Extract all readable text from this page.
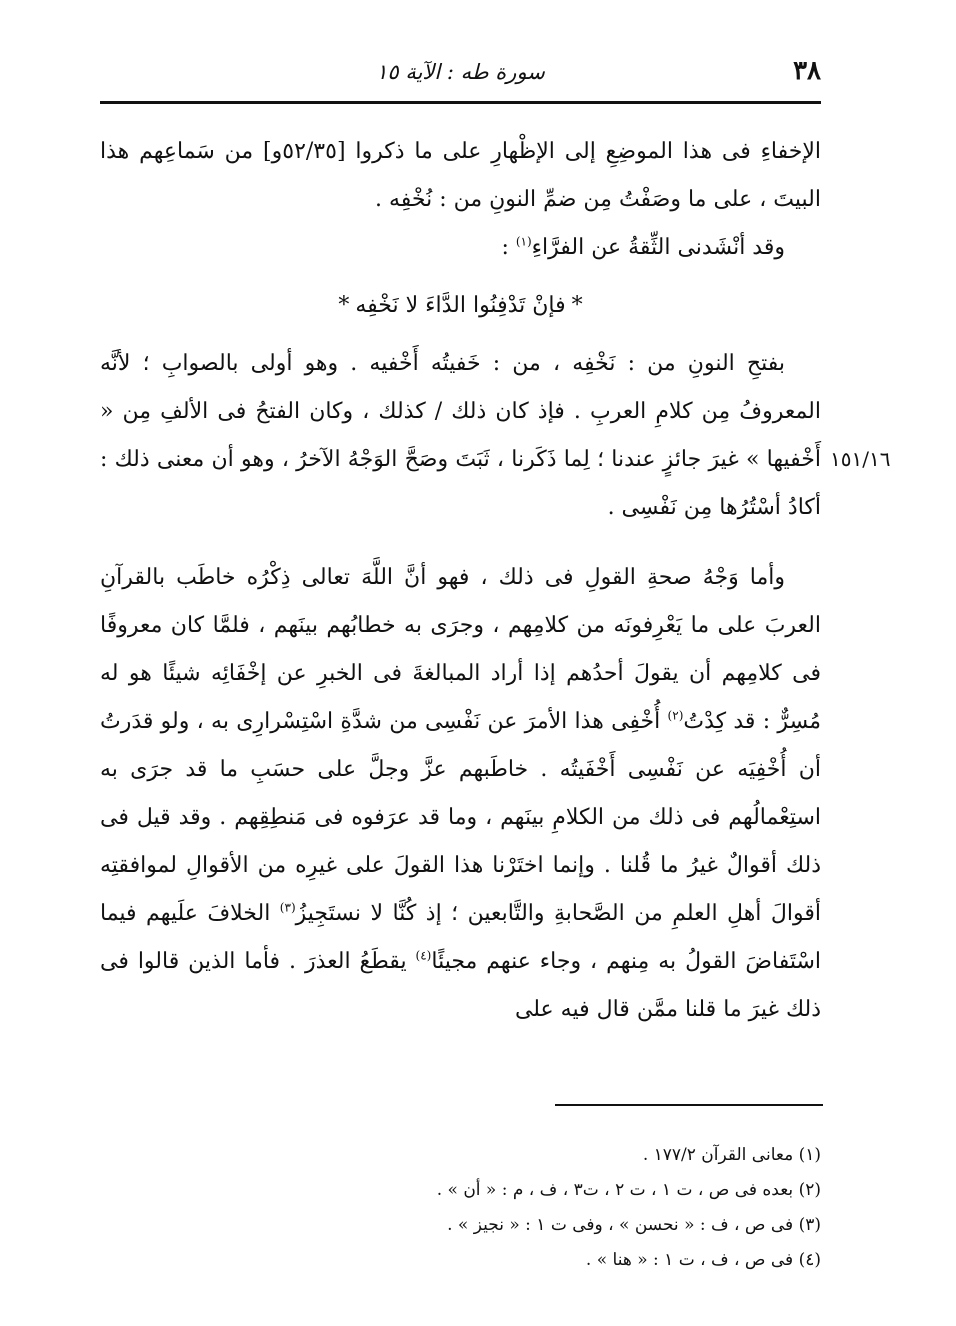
٣٨
سورة طه : الآية ١٥
١٥١/١٦

الإخفاءِ فى هذا الموضِعِ إلى الإظْهارِ على ما ذكروا [٥٢/٣٥و] من سَماعِهم هذا البيتَ ، على ما وصَفْتُ مِن ضمِّ النونِ من : نُخْفِه .

وقد أنْشَدنى الثِّقةُ عن الفرَّاءِ$^{(١)}$ :

*فإنْ تَدْفِنُوا الدَّاءَ لا نَخْفِه*

بفتحِ النونِ من : نَخْفِه ، من : خَفيتُه أَخْفيه . وهو أولى بالصوابِ ؛ لأنَّه المعروفُ مِن كلامِ العربِ . فإذ كان ذلك / كذلك ، وكان الفتحُ فى الألفِ مِن « أَخْفيها » غيرَ جائزٍ عندنا ؛ لِما ذَكَرنا ، ثَبَتَ وصَحَّ الوَجْهُ الآخرُ ، وهو أن معنى ذلك : أكادُ أسْتُرُها مِن نَفْسِى .

وأما وَجْهُ صحةِ القولِ فى ذلك ، فهو أنَّ اللَّهَ تعالى ذِكْرُه خاطَب بالقرآنِ العربَ على ما يَعْرِفونَه من كلامِهم ، وجرَى به خطابُهم بينَهم ، فلمَّا كان معروفًا فى كلامِهم أن يقولَ أحدُهم إذا أراد المبالغةَ فى الخبرِ عن إخْفَائِه شيئًا هو له مُسِرٌّ : قد كِدْتُ$^{(٢)}$ أُخْفِى هذا الأمرَ عن نَفْسِى من شدَّةِ اسْتِسْرارِى به ، ولو قدَرتُ أن أُخْفِيَه عن نَفْسِى أَخْفَيتُه . خاطَبهم عزَّ وجلَّ على حسَبِ ما قد جرَى به استِعْمالُهم فى ذلك من الكلامِ بينَهم ، وما قد عرَفوه فى مَنطِقِهم . وقد قيل فى ذلك أقوالٌ غيرُ ما قُلنا . وإنما اختَرْنا هذا القولَ على غيرِه من الأقوالِ لموافقتِه أقوالَ أهلِ العلمِ من الصَّحابةِ والتَّابعين ؛ إذ كُنَّا لا نستَجِيزُ$^{(٣)}$ الخلافَ علَيهم فيما اسْتَفاضَ القولُ به مِنهم ، وجاء عنهم مجيئًا$^{(٤)}$ يقطَعُ العذرَ . فأما الذين قالوا فى ذلك غيرَ ما قلنا ممَّن قال فيه على

(١) معانى القرآن ١٧٧/٢ .

(٢) بعده فى ص ، ت ١ ، ت ٢ ، ت٣ ، ف ، م : « أن » .

(٣) فى ص ، ف : « نحسن » ، وفى ت ١ : « نجيز » .

(٤) فى ص ، ف ، ت ١ : « هنا » .
